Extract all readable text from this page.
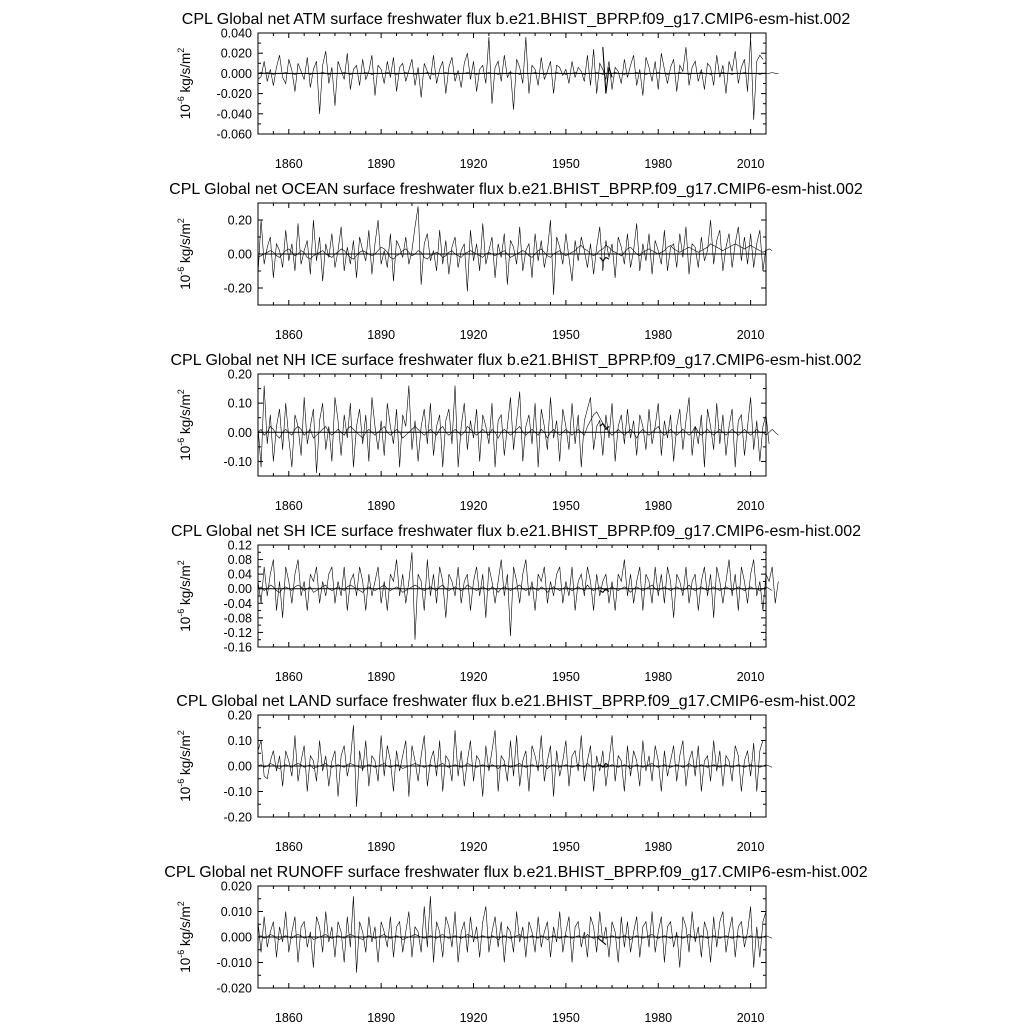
CPL Global net ATM surface freshwater flux b.e21.BHIST_BPRP.f09_g17.CMIP6-esm-hist.002
1860	1890	1920	1950	1980	2010
0.040
0.020
0.000
-0.020
-0.040
-0.060
$10^{-6}$ $kg/s/m^2$
CPL Global net OCEAN surface freshwater flux b.e21.BHIST_BPRP.f09_g17.CMIP6-esm-hist.002
1860	1890	1920	1950	1980	2010
0.20
0.00
-0.20
$10^{-6}$ $kg/s/m^2$
CPL Global net NH ICE surface freshwater flux b.e21.BHIST_BPRP.f09_g17.CMIP6-esm-hist.002
1860	1890	1920	1950	1980	2010
0.20
0.10
0.00
-0.10
$10^{-6}$ $kg/s/m^2$
CPL Global net SH ICE surface freshwater flux b.e21.BHIST_BPRP.f09_g17.CMIP6-esm-hist.002
1860	1890	1920	1950	1980	2010
0.12
0.08
0.04
0.00
-0.04
-0.08
-0.12
-0.16
$10^{-6}$ $kg/s/m^2$
CPL Global net LAND surface freshwater flux b.e21.BHIST_BPRP.f09_g17.CMIP6-esm-hist.002
1860	1890	1920	1950	1980	2010
0.20
0.10
0.00
-0.10
-0.20
$10^{-6}$ $kg/s/m^2$
CPL Global net RUNOFF surface freshwater flux b.e21.BHIST_BPRP.f09_g17.CMIP6-esm-hist.002
1860	1890	1920	1950	1980	2010
0.020
0.010
0.000
-0.010
-0.020
$10^{-6}$ $kg/s/m^2$
